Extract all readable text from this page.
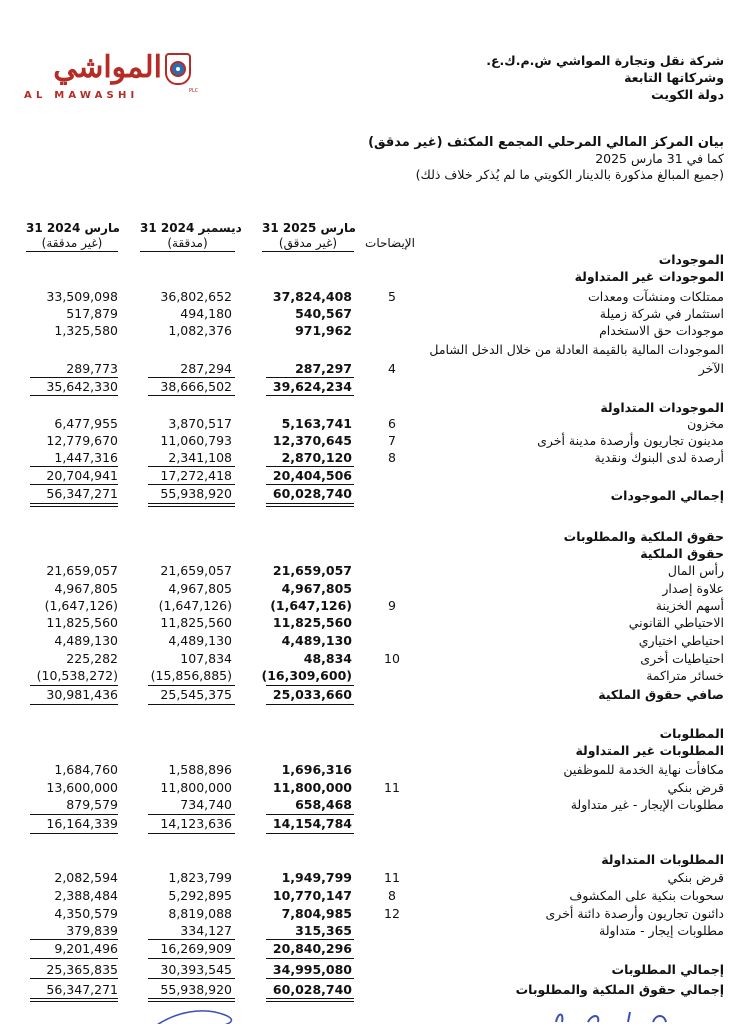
المواشي
AL MAWASHI	PLC
شركة نقل وتجارة المواشي ش.م.ك.ع.
وشركاتها التابعة
دولة الكويت
بيان المركز المالي المرحلي المجمع المكثف (غير مدقق)
كما في 31 مارس 2025
(جميع المبالغ مذكورة بالدينار الكويتي ما لم يُذكر خلاف ذلك)
الإيضاحات
31 مارس 2025
(غير مدقق)
31 ديسمبر 2024
(مدققة)
31 مارس 2024
(غير مدققة)
الموجودات
الموجودات غير المتداولة
ممتلكات ومنشآت ومعدات
5
37,824,408
36,802,652
33,509,098
استثمار في شركة زميلة
540,567
494,180
517,879
موجودات حق الاستخدام
971,962
1,082,376
1,325,580
الموجودات المالية بالقيمة العادلة من خلال الدخل الشامل
الآخر
4
287,297
287,294
289,773
39,624,234
38,666,502
35,642,330
الموجودات المتداولة
مخزون
6
5,163,741
3,870,517
6,477,955
مدينون تجاريون وأرصدة مدينة أخرى
7
12,370,645
11,060,793
12,779,670
أرصدة لدى البنوك ونقدية
8
2,870,120
2,341,108
1,447,316
20,404,506
17,272,418
20,704,941
60,028,740
55,938,920
56,347,271	إجمالي الموجودات
حقوق الملكية والمطلوبات
حقوق الملكية
رأس المال
21,659,057
21,659,057
21,659,057
علاوة إصدار
4,967,805
4,967,805
4,967,805
أسهم الخزينة
9
(1,647,126)
(1,647,126)
(1,647,126)
الاحتياطي القانوني
11,825,560
11,825,560
11,825,560
احتياطي اختياري
4,489,130
4,489,130
4,489,130
احتياطيات أخرى
10
48,834
107,834
225,282
خسائر متراكمة
(16,309,600)
(15,856,885)
(10,538,272)
صافي حقوق الملكية
25,033,660
25,545,375
30,981,436
المطلوبات
المطلوبات غير المتداولة
مكافأت نهاية الخدمة للموظفين
1,696,316
1,588,896
1,684,760
قرض بنكي
11
11,800,000
11,800,000
13,600,000
مطلوبات الإيجار - غير متداولة
658,468
734,740
879,579
14,154,784
14,123,636
16,164,339
المطلوبات المتداولة
قرض بنكي
11
1,949,799
1,823,799
2,082,594
سحوبات بنكية على المكشوف
8
10,770,147
5,292,895
2,388,484
دائنون تجاريون وأرصدة دائنة أخرى
12
7,804,985
8,819,088
4,350,579
مطلوبات إيجار - متداولة
315,365
334,127
379,839
20,840,296
16,269,909
9,201,496
إجمالي المطلوبات
34,995,080
30,393,545
25,365,835
إجمالي حقوق الملكية والمطلوبات
60,028,740
55,938,920
56,347,271
